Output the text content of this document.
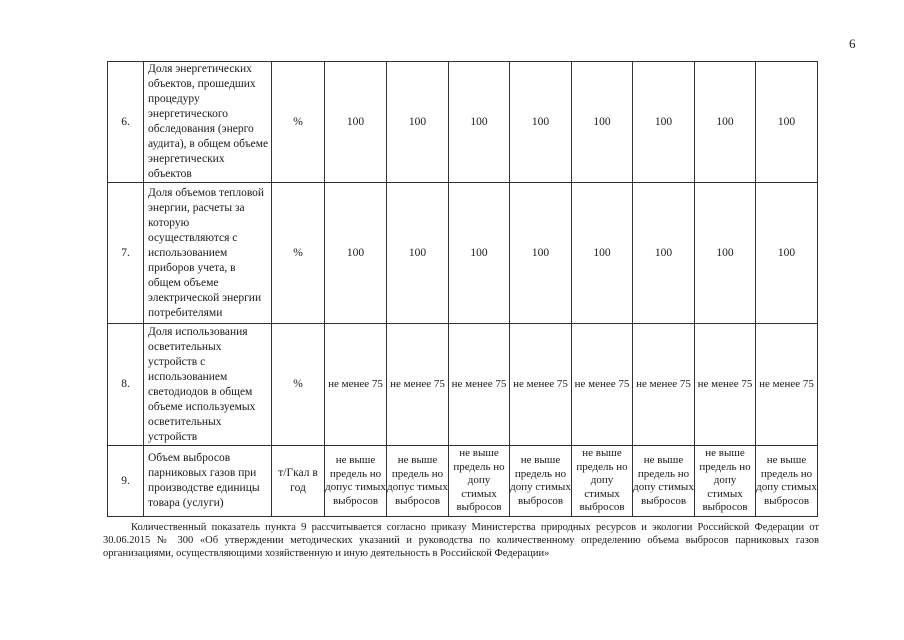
6
6.	Доля энергетических объектов, прошедших процедуру энергетического обследования (энерго аудита), в общем объеме энергетических объектов	%	100	100	100	100	100	100	100	100
7.	Доля объемов тепловой энергии, расчеты за которую осуществляются с использованием приборов учета, в общем объеме электрической энергии потребителями	%	100	100	100	100	100	100	100	100
8.	Доля использования осветительных устройств с использованием светодиодов в общем объеме используемых осветительных устройств	%	не менее 75	не менее 75	не менее 75	не менее 75	не менее 75	не менее 75	не менее 75	не менее 75
9.	Объем выбросов парниковых газов при производстве единицы товара (услуги)	т/Гкал в год	не выше предель но допус тимых выбросов	не выше предель но допус тимых выбросов	не выше предель но допу стимых выбросов	не выше предель но допу стимых выбросов	не выше предель но допу стимых выбросов	не выше предель но допу стимых выбросов	не выше предель но допу стимых выбросов	не выше предель но допу стимых выбросов
Количественный показатель пункта 9 рассчитывается согласно приказу Министерства природных ресурсов и экологии Российской Федерации от 30.06.2015 № 300 «Об утверждении методических указаний и руководства по количественному определению объема выбросов парниковых газов организациями, осуществляющими хозяйственную и иную деятельность в Российской Федерации»
